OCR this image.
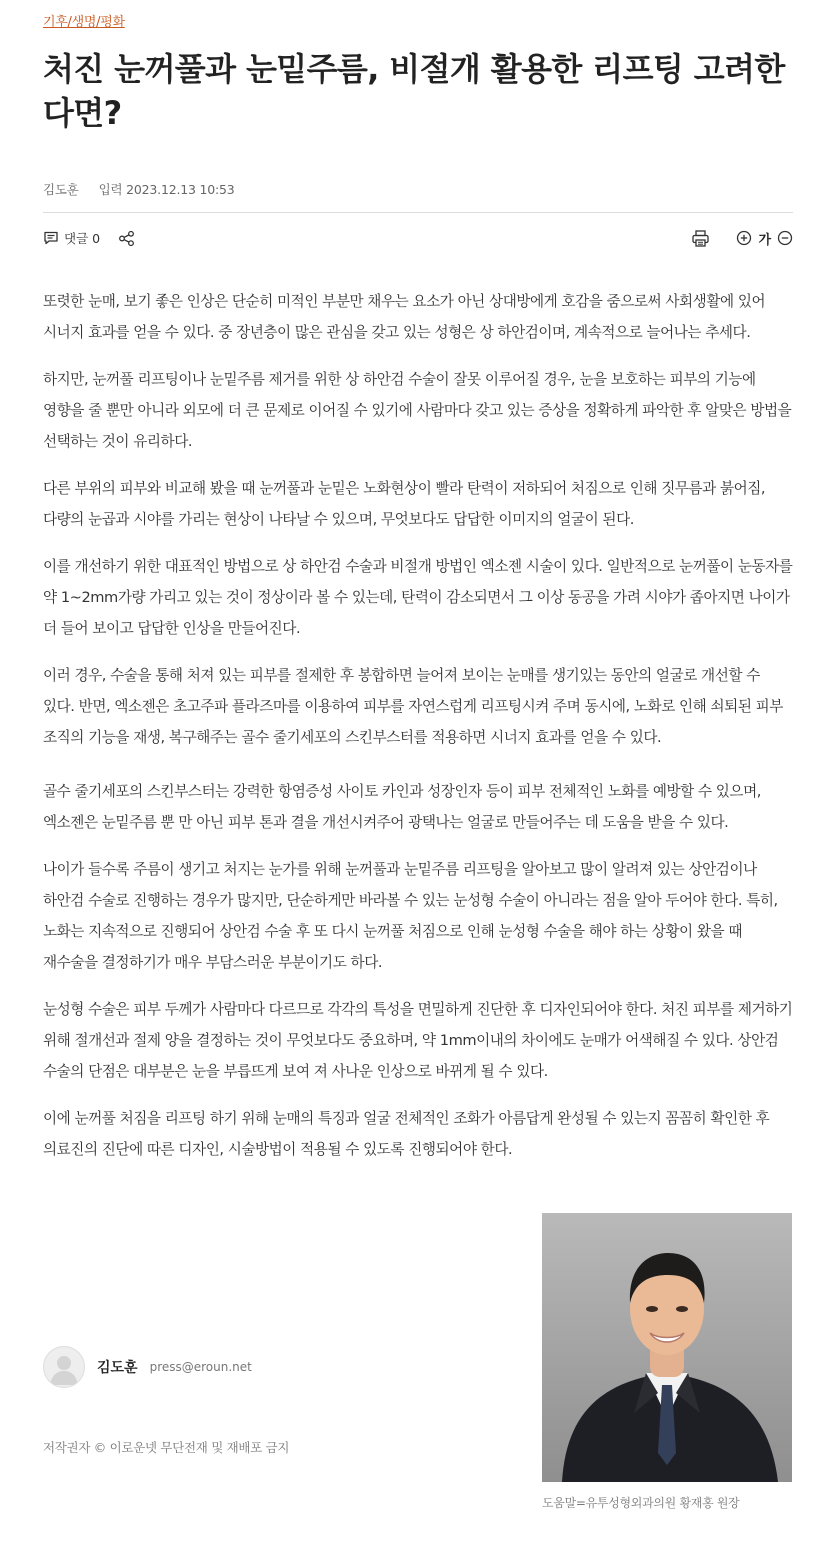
기후/생명/평화
처진 눈꺼풀과 눈밑주름, 비절개 활용한 리프팅 고려한다면?
김도훈 입력 2023.12.13 10:53
댓글 0	가

또렷한 눈매, 보기 좋은 인상은 단순히 미적인 부분만 채우는 요소가 아닌 상대방에게 호감을 줌으로써 사회생활에 있어 시너지 효과를 얻을 수 있다. 중 장년층이 많은 관심을 갖고 있는 성형은 상 하안검이며, 계속적으로 늘어나는 추세다.

하지만, 눈꺼풀 리프팅이나 눈밑주름 제거를 위한 상 하안검 수술이 잘못 이루어질 경우, 눈을 보호하는 피부의 기능에 영향을 줄 뿐만 아니라 외모에 더 큰 문제로 이어질 수 있기에 사람마다 갖고 있는 증상을 정확하게 파악한 후 알맞은 방법을 선택하는 것이 유리하다.

다른 부위의 피부와 비교해 봤을 때 눈꺼풀과 눈밑은 노화현상이 빨라 탄력이 저하되어 처짐으로 인해 짓무름과 붉어짐, 다량의 눈곱과 시야를 가리는 현상이 나타날 수 있으며, 무엇보다도 답답한 이미지의 얼굴이 된다.

이를 개선하기 위한 대표적인 방법으로 상 하안검 수술과 비절개 방법인 엑소젠 시술이 있다. 일반적으로 눈꺼풀이 눈동자를 약 1~2mm가량 가리고 있는 것이 정상이라 볼 수 있는데, 탄력이 감소되면서 그 이상 동공을 가려 시야가 좁아지면 나이가 더 들어 보이고 답답한 인상을 만들어진다.

이러 경우, 수술을 통해 처져 있는 피부를 절제한 후 봉합하면 늘어져 보이는 눈매를 생기있는 동안의 얼굴로 개선할 수 있다. 반면, 엑소젠은 초고주파 플라즈마를 이용하여 피부를 자연스럽게 리프팅시켜 주며 동시에, 노화로 인해 쇠퇴된 피부 조직의 기능을 재생, 복구해주는 골수 줄기세포의 스킨부스터를 적용하면 시너지 효과를 얻을 수 있다.

골수 줄기세포의 스킨부스터는 강력한 항염증성 사이토 카인과 성장인자 등이 피부 전체적인 노화를 예방할 수 있으며, 엑소젠은 눈밑주름 뿐 만 아닌 피부 톤과 결을 개선시켜주어 광택나는 얼굴로 만들어주는 데 도움을 받을 수 있다.

나이가 들수록 주름이 생기고 처지는 눈가를 위해 눈꺼풀과 눈밑주름 리프팅을 알아보고 많이 알려져 있는 상안검이나 하안검 수술로 진행하는 경우가 많지만, 단순하게만 바라볼 수 있는 눈성형 수술이 아니라는 점을 알아 두어야 한다. 특히, 노화는 지속적으로 진행되어 상안검 수술 후 또 다시 눈꺼풀 처짐으로 인해 눈성형 수술을 해야 하는 상황이 왔을 때 재수술을 결정하기가 매우 부담스러운 부분이기도 하다.

눈성형 수술은 피부 두께가 사람마다 다르므로 각각의 특성을 면밀하게 진단한 후 디자인되어야 한다. 처진 피부를 제거하기 위해 절개선과 절제 양을 결정하는 것이 무엇보다도 중요하며, 약 1mm이내의 차이에도 눈매가 어색해질 수 있다. 상안검 수술의 단점은 대부분은 눈을 부릅뜨게 보여 져 사나운 인상으로 바뀌게 될 수 있다.

이에 눈꺼풀 처짐을 리프팅 하기 위해 눈매의 특징과 얼굴 전체적인 조화가 아름답게 완성될 수 있는지 꼼꼼히 확인한 후 의료진의 진단에 따른 디자인, 시술방법이 적용될 수 있도록 진행되어야 한다.

도움말=유투성형외과의원 황재홍 원장
김도훈 press@eroun.net
저작권자 © 이로운넷 무단전재 및 재배포 금지
